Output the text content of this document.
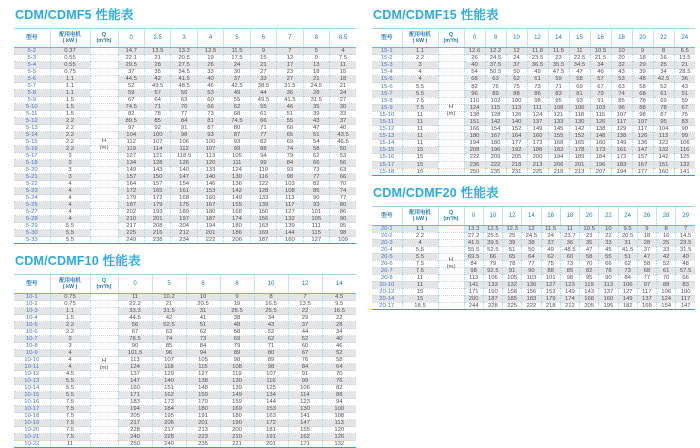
CDM/CDMF5 性能表
型号	配用电机
( kW )	Q
(m³/h)	0	2.5	3	4	5	6	7	8	8.5
5-2	0.37		14.7	13.5	13.3	12.5	11.5	9	7	5	4
5-3	0.55		22.1	21	20.5	19	17.5	15	12	9	7.5
5-4	0.55		29.5	28	27.5	26	24	21	17	13	11
5-5	0.75		37	35	34.5	33	30	27	23	18	15
5-6	1.1		44.5	42	41.5	40	37	33	27	21	18
5-7	1.1		52	49.5	48.5	46	42.5	38.5	31.5	24.5	21
5-8	1.1		59	57	56	53	49	44	36	28	24
5-9	1.5		67	64	63	60	55	49.5	41.5	31.5	27
5-10	1.5		74.5	71	70	66	62	55	46	35	30
5-11	1.5		82	78	77	73	68	61	51	39	33
5-12	2.2		89.5	85	84	81	74.5	66	55	43	37
5-13	2.2		97	92	91	87	80	71	60	47	40
5-14	2.2		104	100	98	93	87	77	65	51	43.5
5-15	2.2		112	107	106	100	93	82	69	54	46.5
5-16	2.2		119	114	112	107	99	88	74	58	50
5-17	3		127	121	118.5	113	105	94	79	62	53
5-18	3		134	128	126	120	111	99	84	66	56
5-20	3		149	143	140	133	124	110	93	73	63
5-21	3		157	150	147	140	130	116	98	77	66
5-22	4		164	157	154	146	136	122	103	82	70
5-23	4		172	165	161	153	142	128	108	86	74
5-24	4		179	172	168	160	149	133	113	90	77
5-25	4		187	179	175	167	155	139	117	93	80
5-27	4		202	193	189	180	168	150	127	101	86
5-28	4		210	201	197	187	174	156	132	105	90
5-29	5.5		217	208	204	194	180	163	139	111	95
5-30	5.5		225	216	212	201	186	169	144	115	98
5-33	5.5		249	238	234	222	206	187	160	127	109
H
(m)
CDM/CDMF10 性能表
型号	配用电机
( kW )	Q
(m³/h)	0	5	6	8	10	12	14
10-1	0.75		11	10.2	10	9	8	7	4.5
10-2	0.75		22.2	21	20.5	19	16.5	13.5	9.5
10-3	1.1		33.3	31.5	31	28.5	25.5	22	16.5
10-4	1.5		44.5	42	41	38	34	29	22
10-5	2.2		56	52.5	51	48	43	37	28
10-6	2.2		67	63	62	58	52	44	34
10-7	3		78.5	74	73	69	62	52	40
10-8	3		90	85	84	79	71	60	46
10-9	4		101.5	96	94	89	80	67	52
10-10	4		113	107	105	98	89	76	58
10-11	4		124	118	115	108	98	84	64
10-12	4.5		137	129	127	119	107	91	70
10-13	5.5		147	140	138	130	116	99	76
10-14	5.5		160	151	148	139	125	106	82
10-15	5.5		171	162	159	149	134	114	88
10-16	7.5		183	173	170	159	144	123	94
10-17	7.5		194	184	180	169	153	130	100
10-18	7.5		205	195	191	180	163	141	108
10-19	7.5		217	206	201	190	172	147	113
10-20	7.5		228	217	213	200	181	155	120
10-21	7.5		240	228	223	210	191	162	126
10-22	11		250	240	235	221	201	171	132
H
(m)
CDM/CDMF15 性能表
型号	配用电机
( kW )	Q
(m³/h)	0	8	10	12	14	15	16	18	20	22	24
15-1	1.1		12.6	12.2	12	11.8	11.5	11	10.5	10	9	8	6.5
15-2	2.2		26	24.5	24	23.5	23	22.5	21.5	20	18	16	13.5
15-3	3		40	37.5	37	36.5	35.5	34.5	34	32	29	25	21
15-4	4		54	50.5	50	49	47.5	47	46	43	39	34	28.5
15-5	4		68	63	62	61	59	58	57	53	48	42.5	36
15-6	5.5		82	76	75	73	71	69	67	63	58	52	43
15-7	5.5		96	89	88	86	83	81	79	74	68	61	51
15-8	7.5		110	102	100	98	95	93	91	85	78	69	59
15-9	7.5		124	115	113	111	108	106	103	96	88	78	67
15-10	11		138	128	126	124	121	118	115	107	98	87	75
15-11	11		151	142	140	137	133	130	126	117	107	95	83
15-12	11		166	154	152	149	145	142	138	129	117	104	90
15-13	11		180	167	164	160	155	152	148	138	126	113	99
15-14	11		194	180	177	173	168	165	160	149	136	122	106
15-15	15		208	196	192	188	182	178	173	161	147	132	116
15-16	15		222	209	205	200	194	189	184	172	157	142	125
15-17	15		236	222	218	213	206	201	196	183	167	151	132
15-18	15		250	235	231	225	218	213	207	194	177	160	141
H
(m)
CDM/CDMF20 性能表
型号	配用电机
( kW )	Q
(m³/h)	0	10	12	14	16	18	20	22	24	26	28	29
20-1	1.1		13.3	12.5	12.3	12	11.5	11	10.5	10	9.5	9	8	7
20-2	2.2		27.2	25.5	25	24.5	24	23.7	23	22	20.5	18	16	14.5
20-3	4		41.5	39.5	39	38	37	36	35	33	31	28	25	23.5
20-4	5.5		55.5	52.5	51	50	49	48.5	47	45	41.5	37	33	31.5
20-5	5.5		69.5	66	65	64	62	60	58	55	51	47	42	40
20-6	7.5		84	79	78	77	75	73	70	66	62	58	52	48
20-7	7.5		98	92.5	91	90	88	85	82	78	73	68	61	57.5
20-8	11		113	106	105	103	101	98	95	90	84	77	70	66
20-10	11		141	133	132	130	127	123	119	113	106	97	88	83
20-12	15		171	160	158	156	153	149	143	137	127	117	106	100
20-14	15		200	187	185	183	179	174	168	160	149	137	124	117
20-17	18.5		244	228	225	222	218	212	205	195	182	168	154	147
H
(m)
